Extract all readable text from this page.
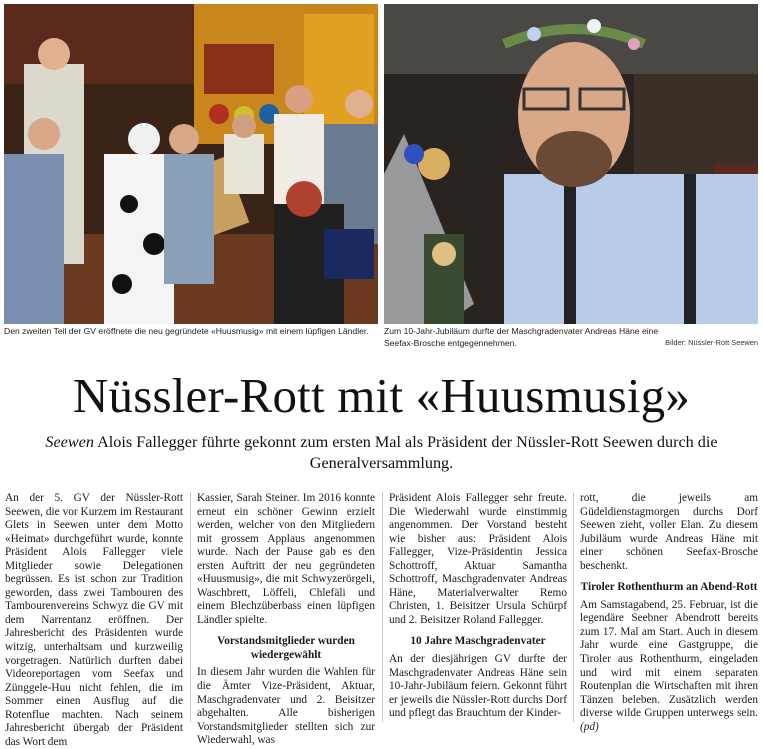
Den zweiten Teil der GV eröffnete die neu gegründete «Huusmusig» mit einem lüpfigen Ländler.	Zum 10-Jahr-Jubiläum durfte der Maschgradenvater Andreas Häne eine Seefax-Brosche entgegennehmen.	Bilder: Nüssler-Rott Seewen
Nüssler-Rott mit «Huusmusig»
Seewen Alois Fallegger führte gekonnt zum ersten Mal als Präsident der Nüssler-Rott Seewen durch die Generalversammlung.

An der 5. GV der Nüssler-Rott Seewen, die vor Kurzem im Restaurant Glets in Seewen unter dem Motto «Heimat» durchgeführt wurde, konnte Präsident Alois Fallegger viele Mitglieder sowie Delegationen begrüssen. Es ist schon zur Tradition geworden, dass zwei Tambouren des Tambourenvereins Schwyz die GV mit dem Narrentanz eröffnen. Der Jahresbericht des Präsidenten wurde witzig, unterhaltsam und kurzweilig vorgetragen. Natürlich durften dabei Videoreportagen vom Seefax und Zünggele-Huu nicht fehlen, die im Sommer einen Ausflug auf die Rotenfluе machten. Nach seinem Jahresbericht übergab der Präsident das Wort dem

Kassier, Sarah Steiner. Im 2016 konnte erneut ein schöner Gewinn erzielt werden, welcher von den Mitgliedern mit grossem Applaus angenommen wurde. Nach der Pause gab es den ersten Auftritt der neu gegründeten «Huusmusig», die mit Schwyzerörgeli, Waschbrett, Löffeli, Chlefäli und einem Blechzüberbass einen lüpfigen Ländler spielte.

Vorstandsmitglieder wurden wiedergewählt

In diesem Jahr wurden die Wahlen für die Ämter Vize-Präsident, Aktuar, Maschgradenvater und 2. Beisitzer abgehalten. Alle bisherigen Vorstandsmitglieder stellten sich zur Wiederwahl, was

Präsident Alois Fallegger sehr freute. Die Wiederwahl wurde einstimmig angenommen. Der Vorstand besteht wie bisher aus: Präsident Alois Fallegger, Vize-Präsidentin Jessica Schottroff, Aktuar Samantha Schottroff, Maschgradenvater Andreas Häne, Materialverwalter Remo Christen, 1. Beisitzer Ursula Schürpf und 2. Beisitzer Roland Fallegger.

10 Jahre Maschgradenvater

An der diesjährigen GV durfte der Maschgradenvater Andreas Häne sein 10-Jahr-Jubiläum feiern. Gekonnt führt er jeweils die Nüssler-Rott durchs Dorf und pflegt das Brauchtum der Kinder-

rott, die jeweils am Güdeldienstagmorgen durchs Dorf Seewen zieht, voller Elan. Zu diesem Jubiläum wurde Andreas Häne mit einer schönen Seefax-Brosche beschenkt.

Tiroler Rothenthurm an Abend-Rott

Am Samstagabend, 25. Februar, ist die legendäre Seebner Abendrott bereits zum 17. Mal am Start. Auch in diesem Jahr wurde eine Gastgruppe, die Tiroler aus Rothenthurm, eingeladen und wird mit einem separaten Routenplan die Wirtschaften mit ihren Tänzen beleben. Zusätzlich werden diverse wilde Gruppen unterwegs sein. (pd)
